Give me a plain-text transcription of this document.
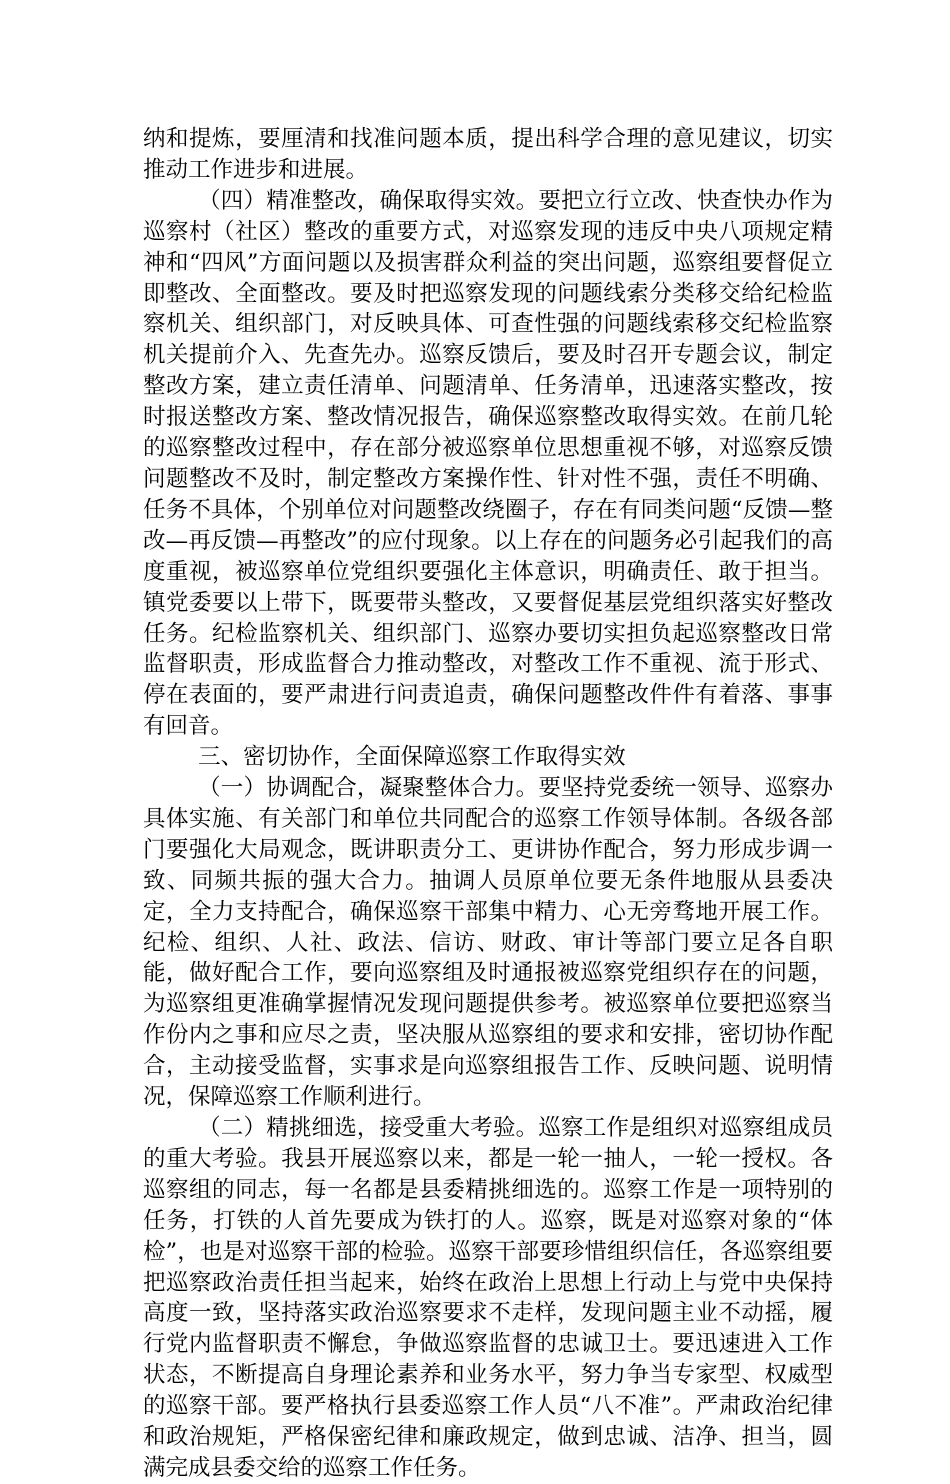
纳和提炼，要厘清和找准问题本质，提出科学合理的意见建议，切实推动工作进步和进展。

（四）精准整改，确保取得实效。要把立行立改、快查快办作为巡察村（社区）整改的重要方式，对巡察发现的违反中央八项规定精神和“四风”方面问题以及损害群众利益的突出问题，巡察组要督促立即整改、全面整改。要及时把巡察发现的问题线索分类移交给纪检监察机关、组织部门，对反映具体、可查性强的问题线索移交纪检监察机关提前介入、先查先办。巡察反馈后，要及时召开专题会议，制定整改方案，建立责任清单、问题清单、任务清单，迅速落实整改，按时报送整改方案、整改情况报告，确保巡察整改取得实效。在前几轮的巡察整改过程中，存在部分被巡察单位思想重视不够，对巡察反馈问题整改不及时，制定整改方案操作性、针对性不强，责任不明确、任务不具体，个别单位对问题整改绕圈子，存在有同类问题“反馈—整改—再反馈—再整改”的应付现象。以上存在的问题务必引起我们的高度重视，被巡察单位党组织要强化主体意识，明确责任、敢于担当。镇党委要以上带下，既要带头整改，又要督促基层党组织落实好整改任务。纪检监察机关、组织部门、巡察办要切实担负起巡察整改日常监督职责，形成监督合力推动整改，对整改工作不重视、流于形式、停在表面的，要严肃进行问责追责，确保问题整改件件有着落、事事有回音。

三、密切协作，全面保障巡察工作取得实效

（一）协调配合，凝聚整体合力。要坚持党委统一领导、巡察办具体实施、有关部门和单位共同配合的巡察工作领导体制。各级各部门要强化大局观念，既讲职责分工、更讲协作配合，努力形成步调一致、同频共振的强大合力。抽调人员原单位要无条件地服从县委决定，全力支持配合，确保巡察干部集中精力、心无旁骛地开展工作。纪检、组织、人社、政法、信访、财政、审计等部门要立足各自职能，做好配合工作，要向巡察组及时通报被巡察党组织存在的问题，为巡察组更准确掌握情况发现问题提供参考。被巡察单位要把巡察当作份内之事和应尽之责，坚决服从巡察组的要求和安排，密切协作配合，主动接受监督，实事求是向巡察组报告工作、反映问题、说明情况，保障巡察工作顺利进行。

（二）精挑细选，接受重大考验。巡察工作是组织对巡察组成员的重大考验。我县开展巡察以来，都是一轮一抽人，一轮一授权。各巡察组的同志，每一名都是县委精挑细选的。巡察工作是一项特别的任务，打铁的人首先要成为铁打的人。巡察，既是对巡察对象的“体检”，也是对巡察干部的检验。巡察干部要珍惜组织信任，各巡察组要把巡察政治责任担当起来，始终在政治上思想上行动上与党中央保持高度一致，坚持落实政治巡察要求不走样，发现问题主业不动摇，履行党内监督职责不懈怠，争做巡察监督的忠诚卫士。要迅速进入工作状态，不断提高自身理论素养和业务水平，努力争当专家型、权威型的巡察干部。要严格执行县委巡察工作人员“八不准”。严肃政治纪律和政治规矩，严格保密纪律和廉政规定，做到忠诚、洁净、担当，圆满完成县委交给的巡察工作任务。
